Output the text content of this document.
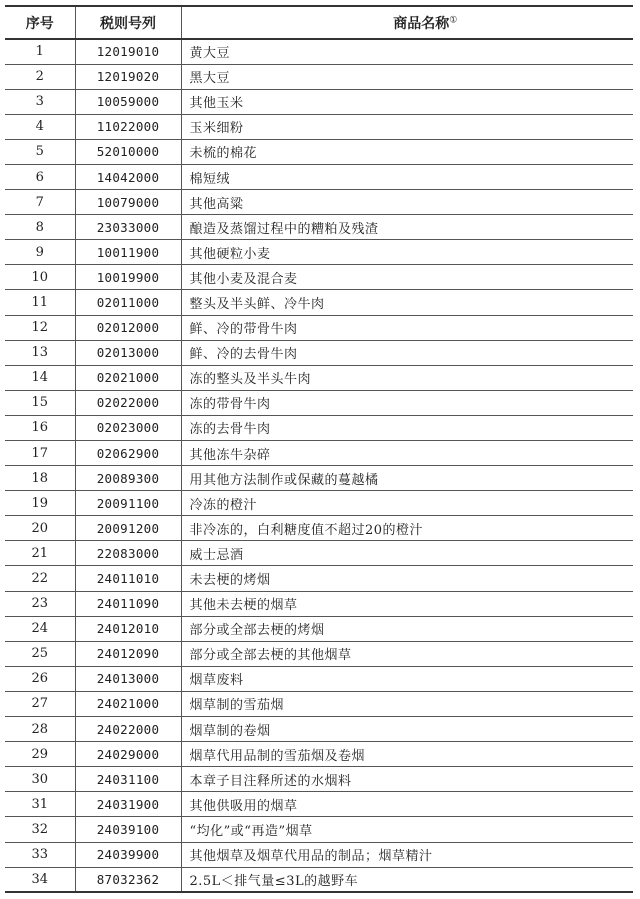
序号	税则号列	商品名称①
1	12019010	黄大豆
2	12019020	黑大豆
3	10059000	其他玉米
4	11022000	玉米细粉
5	52010000	未梳的棉花
6	14042000	棉短绒
7	10079000	其他高粱
8	23033000	酿造及蒸馏过程中的糟粕及残渣
9	10011900	其他硬粒小麦
10	10019900	其他小麦及混合麦
11	02011000	整头及半头鲜、冷牛肉
12	02012000	鲜、冷的带骨牛肉
13	02013000	鲜、冷的去骨牛肉
14	02021000	冻的整头及半头牛肉
15	02022000	冻的带骨牛肉
16	02023000	冻的去骨牛肉
17	02062900	其他冻牛杂碎
18	20089300	用其他方法制作或保藏的蔓越橘
19	20091100	冷冻的橙汁
20	20091200	非冷冻的，白利糖度值不超过20的橙汁
21	22083000	威士忌酒
22	24011010	未去梗的烤烟
23	24011090	其他未去梗的烟草
24	24012010	部分或全部去梗的烤烟
25	24012090	部分或全部去梗的其他烟草
26	24013000	烟草废料
27	24021000	烟草制的雪茄烟
28	24022000	烟草制的卷烟
29	24029000	烟草代用品制的雪茄烟及卷烟
30	24031100	本章子目注释所述的水烟料
31	24031900	其他供吸用的烟草
32	24039100	“均化”或“再造”烟草
33	24039900	其他烟草及烟草代用品的制品；烟草精汁
34	87032362	2.5L＜排气量≤3L的越野车
